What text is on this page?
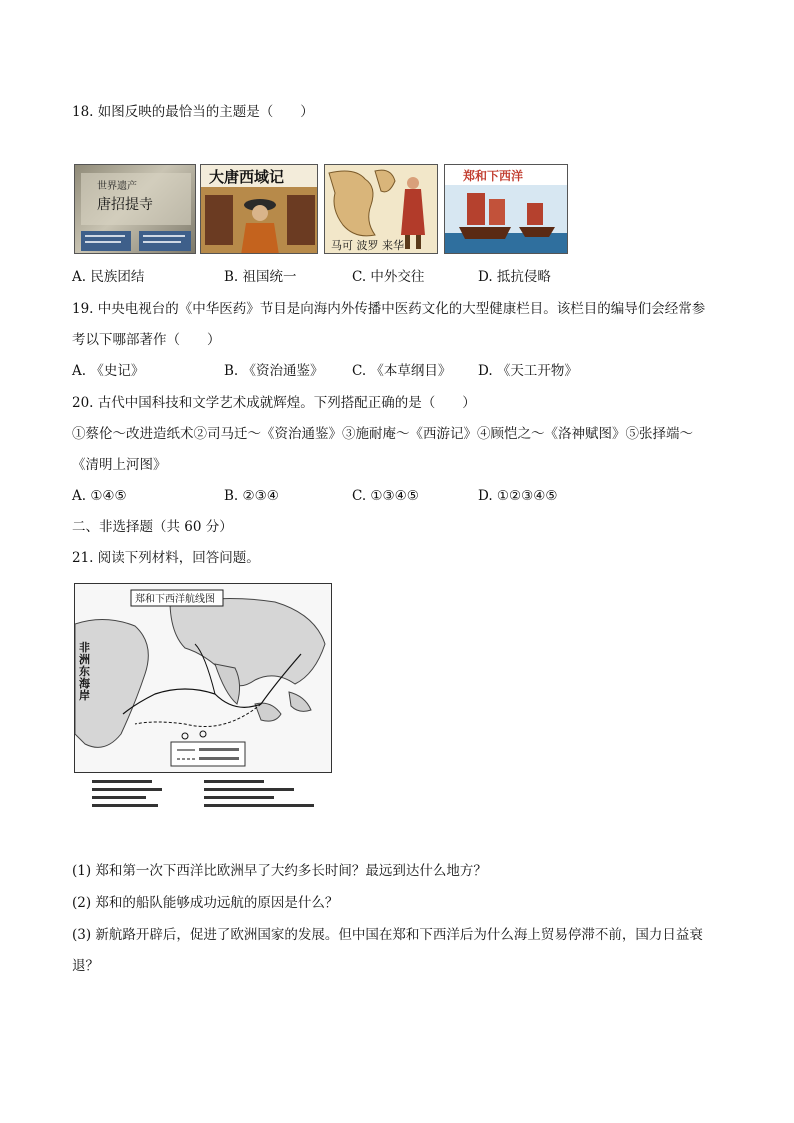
18. 如图反映的最恰当的主题是（　　）
世界遗产
唐招提寺
大唐西域记
马可 波罗 来华
郑和下西洋
A. 民族团结	B. 祖国统一	C. 中外交往	D. 抵抗侵略
19. 中央电视台的《中华医药》节目是向海内外传播中医药文化的大型健康栏目。该栏目的编导们会经常参
考以下哪部著作（　　）
A. 《史记》	B. 《资治通鉴》 C. 《本草纲目》 D. 《天工开物》
20. 古代中国科技和文学艺术成就辉煌。下列搭配正确的是（　　）
①蔡伦～改进造纸术②司马迁～《资治通鉴》③施耐庵～《西游记》④顾恺之～《洛神赋图》⑤张择端～
《清明上河图》
A. ①④⑤	B. ②③④	C. ①③④⑤	D. ①②③④⑤
二、非选择题（共 60 分）
21. 阅读下列材料，回答问题。
郑和下西洋航线图
非洲东海岸
(1) 郑和第一次下西洋比欧洲早了大约多长时间？最远到达什么地方？
(2) 郑和的船队能够成功远航的原因是什么？
(3) 新航路开辟后，促进了欧洲国家的发展。但中国在郑和下西洋后为什么海上贸易停滞不前，国力日益衰
退？
